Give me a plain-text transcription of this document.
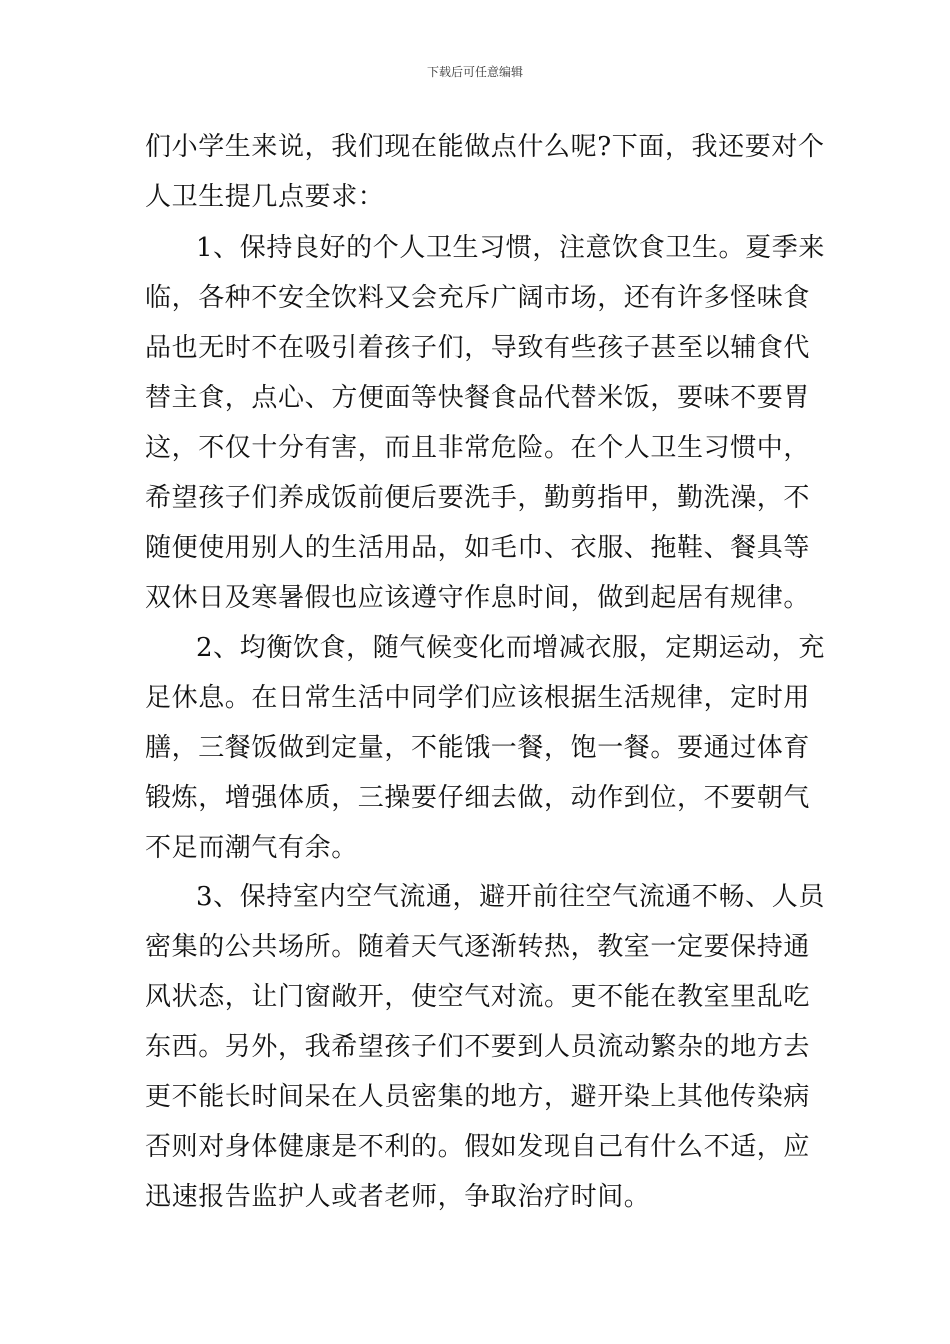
下载后可任意编辑
们小学生来说，我们现在能做点什么呢?下面，我还要对个
人卫生提几点要求：
1、保持良好的个人卫生习惯，注意饮食卫生。夏季来
临，各种不安全饮料又会充斥广阔市场，还有许多怪味食
品也无时不在吸引着孩子们，导致有些孩子甚至以辅食代
替主食，点心、方便面等快餐食品代替米饭，要味不要胃
这，不仅十分有害，而且非常危险。在个人卫生习惯中，
希望孩子们养成饭前便后要洗手，勤剪指甲，勤洗澡，不
随便使用别人的生活用品，如毛巾、衣服、拖鞋、餐具等
双休日及寒暑假也应该遵守作息时间，做到起居有规律。
2、均衡饮食，随气候变化而增减衣服，定期运动，充
足休息。在日常生活中同学们应该根据生活规律，定时用
膳，三餐饭做到定量，不能饿一餐，饱一餐。要通过体育
锻炼，增强体质，三操要仔细去做，动作到位，不要朝气
不足而潮气有余。
3、保持室内空气流通，避开前往空气流通不畅、人员
密集的公共场所。随着天气逐渐转热，教室一定要保持通
风状态，让门窗敞开，使空气对流。更不能在教室里乱吃
东西。另外，我希望孩子们不要到人员流动繁杂的地方去
更不能长时间呆在人员密集的地方，避开染上其他传染病
否则对身体健康是不利的。假如发现自己有什么不适，应
迅速报告监护人或者老师，争取治疗时间。
